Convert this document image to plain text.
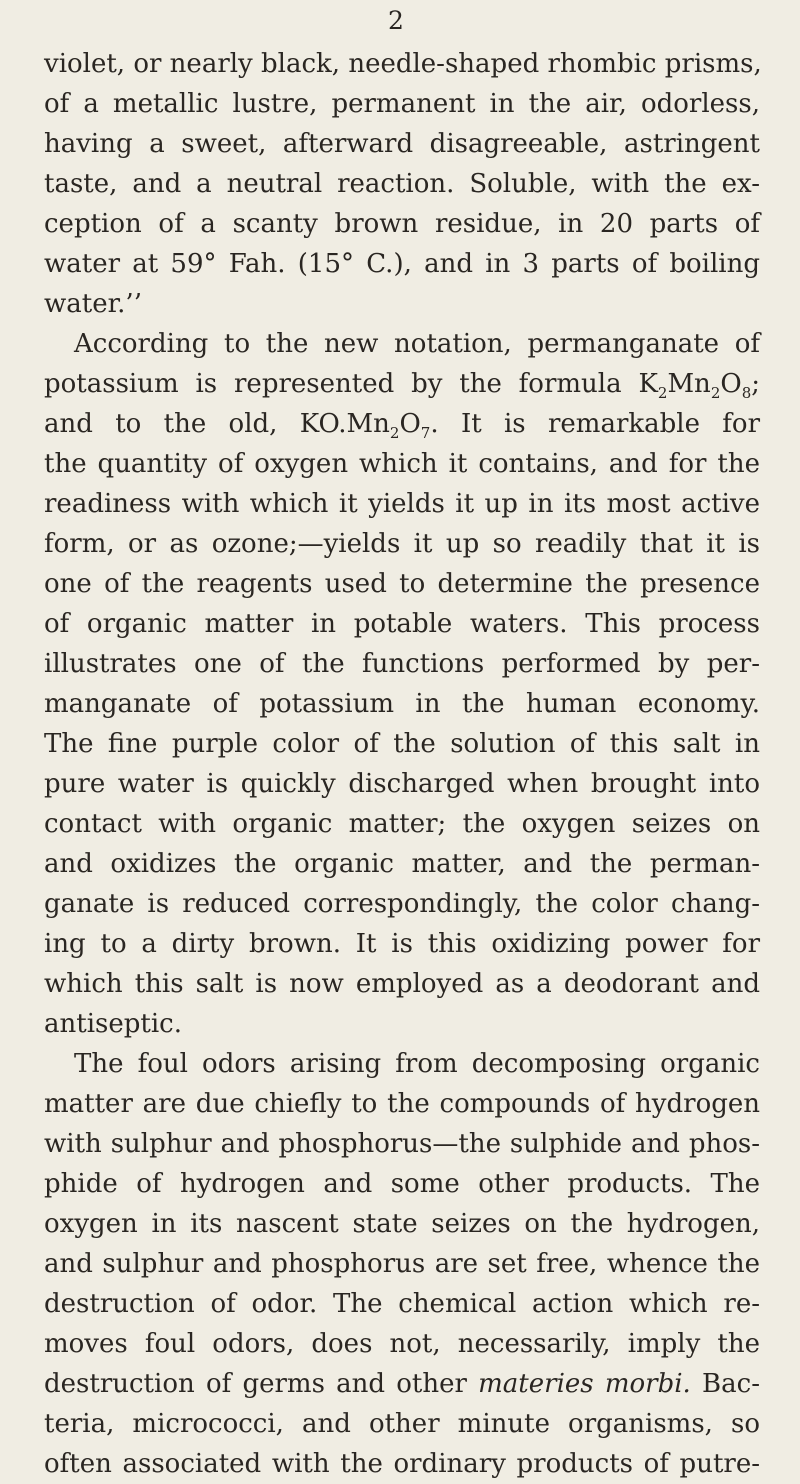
2
violet, or nearly black, needle-shaped rhombic prisms,
of a metallic lustre, permanent in the air, odorless,
having a sweet, afterward disagreeable, astringent
taste, and a neutral reaction. Soluble, with the ex-
ception of a scanty brown residue, in 20 parts of
water at 59° Fah. (15° C.), and in 3 parts of boiling
water.’’
According to the new notation, permanganate of
potassium is represented by the formula $K_2Mn_2O_8$;
and to the old, $KO.Mn_2O_7$. It is remarkable for
the quantity of oxygen which it contains, and for the
readiness with which it yields it up in its most active
form, or as ozone;—yields it up so readily that it is
one of the reagents used to determine the presence
of organic matter in potable waters. This process
illustrates one of the functions performed by per-
manganate of potassium in the human economy.
The fine purple color of the solution of this salt in
pure water is quickly discharged when brought into
contact with organic matter; the oxygen seizes on
and oxidizes the organic matter, and the perman-
ganate is reduced correspondingly, the color chang-
ing to a dirty brown. It is this oxidizing power for
which this salt is now employed as a deodorant and
antiseptic.
The foul odors arising from decomposing organic
matter are due chiefly to the compounds of hydrogen
with sulphur and phosphorus—the sulphide and phos-
phide of hydrogen and some other products. The
oxygen in its nascent state seizes on the hydrogen,
and sulphur and phosphorus are set free, whence the
destruction of odor. The chemical action which re-
moves foul odors, does not, necessarily, imply the
destruction of germs and other materies morbi. Bac-
teria, micrococci, and other minute organisms, so
often associated with the ordinary products of putre-
